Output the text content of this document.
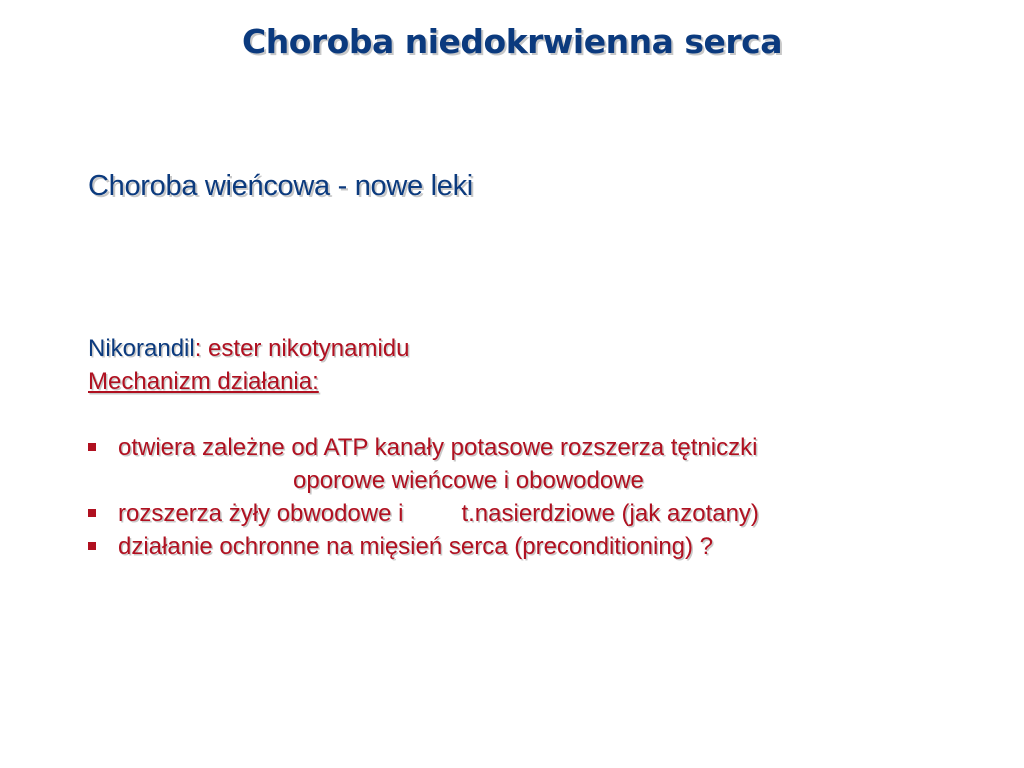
Choroba niedokrwienna serca
Choroba wieńcowa - nowe leki
Nikorandil: ester nikotynamidu
Mechanizm działania:
otwiera zależne od ATP kanały potasowe rozszerza tętniczki
oporowe wieńcowe i obowodowe
rozszerza żyły obwodowe i t.nasierdziowe (jak azotany)
działanie ochronne na mięsień serca (preconditioning) ?
